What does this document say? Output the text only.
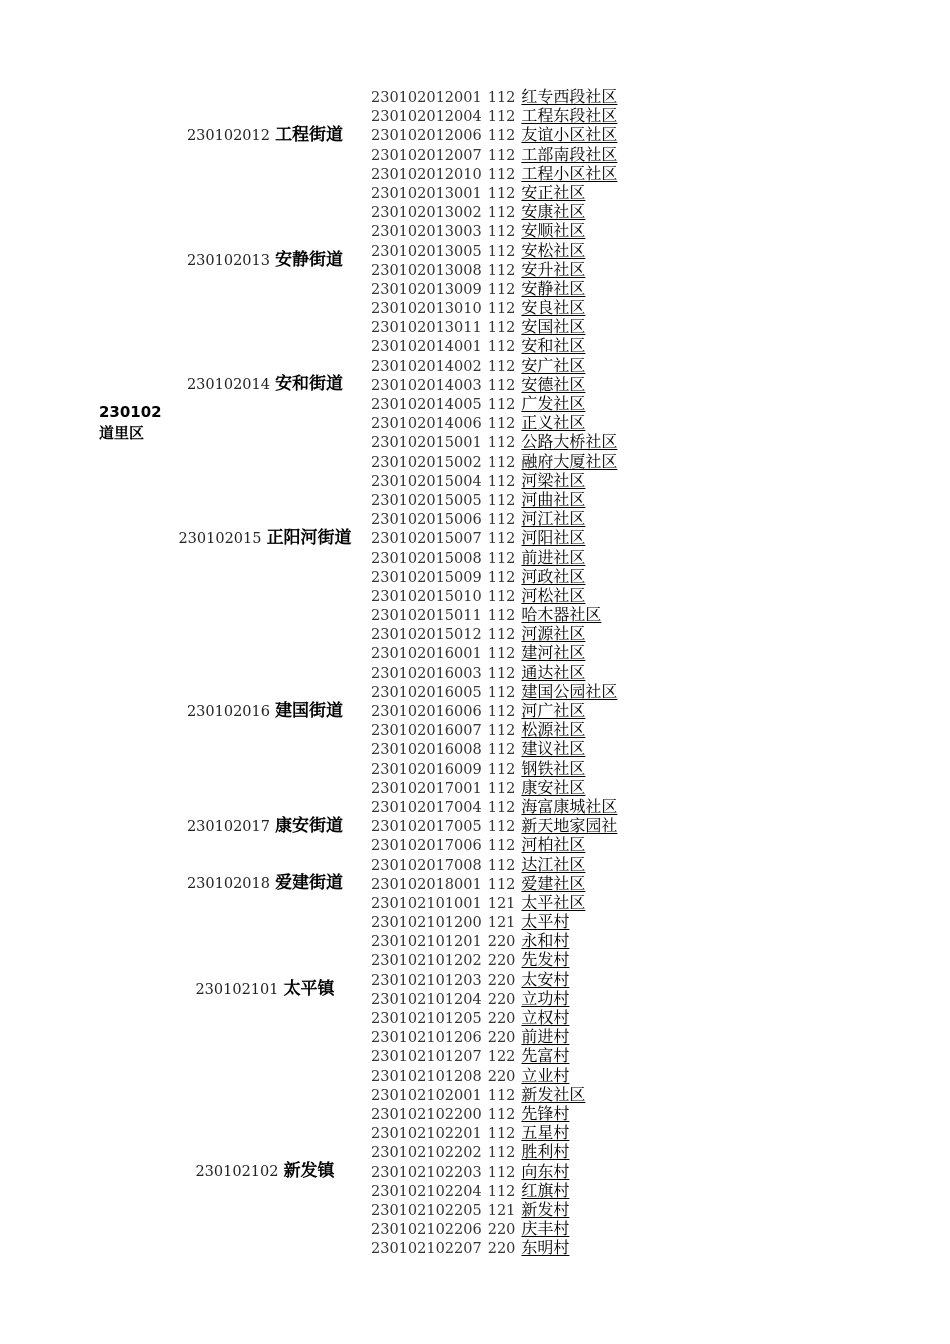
230102
道里区
230102012 工程街道
230102013 安静街道
230102014 安和街道
230102015 正阳河街道
230102016 建国街道
230102017 康安街道
230102018 爱建街道
230102101 太平镇
230102102 新发镇
230102012001 112 红专西段社区
230102012004 112 工程东段社区
230102012006 112 友谊小区社区
230102012007 112 工部南段社区
230102012010 112 工程小区社区
230102013001 112 安正社区
230102013002 112 安康社区
230102013003 112 安顺社区
230102013005 112 安松社区
230102013008 112 安升社区
230102013009 112 安静社区
230102013010 112 安良社区
230102013011 112 安国社区
230102014001 112 安和社区
230102014002 112 安广社区
230102014003 112 安德社区
230102014005 112 广发社区
230102014006 112 正义社区
230102015001 112 公路大桥社区
230102015002 112 融府大厦社区
230102015004 112 河梁社区
230102015005 112 河曲社区
230102015006 112 河江社区
230102015007 112 河阳社区
230102015008 112 前进社区
230102015009 112 河政社区
230102015010 112 河松社区
230102015011 112 哈木器社区
230102015012 112 河源社区
230102016001 112 建河社区
230102016003 112 通达社区
230102016005 112 建国公园社区
230102016006 112 河广社区
230102016007 112 松源社区
230102016008 112 建议社区
230102016009 112 钢铁社区
230102017001 112 康安社区
230102017004 112 海富康城社区
230102017005 112 新天地家园社
230102017006 112 河柏社区
230102017008 112 达江社区
230102018001 112 爱建社区
230102101001 121 太平社区
230102101200 121 太平村
230102101201 220 永和村
230102101202 220 先发村
230102101203 220 太安村
230102101204 220 立功村
230102101205 220 立权村
230102101206 220 前进村
230102101207 122 先富村
230102101208 220 立业村
230102102001 112 新发社区
230102102200 112 先锋村
230102102201 112 五星村
230102102202 112 胜利村
230102102203 112 向东村
230102102204 112 红旗村
230102102205 121 新发村
230102102206 220 庆丰村
230102102207 220 东明村
